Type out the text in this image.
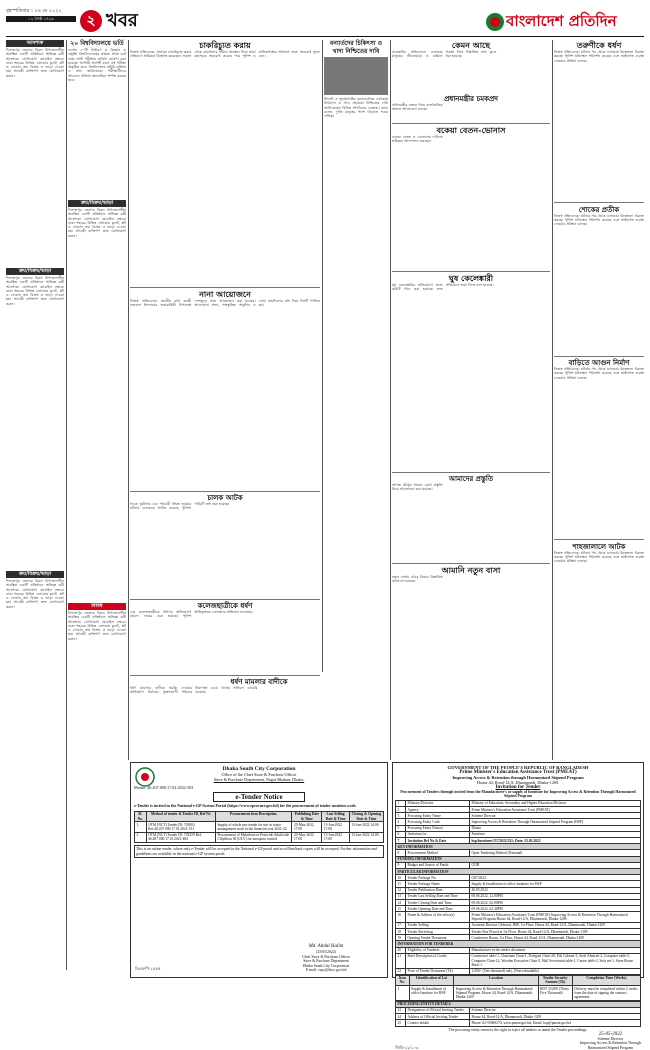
বৃহস্পতিবার । ২৬ মে ২০২২
১২ জৈষ্ঠ ১৪২৯	২ খবর	বাংলাদেশ প্রতিদিন
আবশ্যক
দিনাজপুর জেলার বিরল উপজেলাধীন অবস্থিত একটি প্রতিষ্ঠানে অভিজ্ঞ কর্মী আবশ্যক। যোগাযোগ মোবাইল নম্বরে। ঢাকা শহরের বিভিন্ন এলাকায় ফ্ল্যাট, প্লট ও দোকান ক্রয় বিক্রয় ও ভাড়া দেওয়া হয়। আগ্রহী ব্যক্তিগণ দ্রুত যোগাযোগ করুন।
ক্রয়/বিক্রয়/ভাড়া
দিনাজপুর জেলার বিরল উপজেলাধীন অবস্থিত একটি প্রতিষ্ঠানে অভিজ্ঞ কর্মী আবশ্যক। যোগাযোগ মোবাইল নম্বরে। ঢাকা শহরের বিভিন্ন এলাকায় ফ্ল্যাট, প্লট ও দোকান ক্রয় বিক্রয় ও ভাড়া দেওয়া হয়। আগ্রহী ব্যক্তিগণ দ্রুত যোগাযোগ করুন।
ক্রয়/বিক্রয়/ভাড়া
দিনাজপুর জেলার বিরল উপজেলাধীন অবস্থিত একটি প্রতিষ্ঠানে অভিজ্ঞ কর্মী আবশ্যক। যোগাযোগ মোবাইল নম্বরে। ঢাকা শহরের বিভিন্ন এলাকায় ফ্ল্যাট, প্লট ও দোকান ক্রয় বিক্রয় ও ভাড়া দেওয়া হয়। আগ্রহী ব্যক্তিগণ দ্রুত যোগাযোগ করুন।
ক্রয়/বিক্রয়/ভাড়া
দিনাজপুর জেলার বিরল উপজেলাধীন অবস্থিত একটি প্রতিষ্ঠানে অভিজ্ঞ কর্মী আবশ্যক। যোগাযোগ মোবাইল নম্বরে। ঢাকা শহরের বিভিন্ন এলাকায় ফ্ল্যাট, প্লট ও দোকান ক্রয় বিক্রয় ও ভাড়া দেওয়া হয়। আগ্রহী ব্যক্তিগণ দ্রুত যোগাযোগ করুন।
বিবিধ
দিনাজপুর জেলার বিরল উপজেলাধীন অবস্থিত একটি প্রতিষ্ঠানে অভিজ্ঞ কর্মী আবশ্যক। যোগাযোগ মোবাইল নম্বরে। ঢাকা শহরের বিভিন্ন এলাকায় ফ্ল্যাট, প্লট ও দোকান ক্রয় বিক্রয় ও ভাড়া দেওয়া হয়। আগ্রহী ব্যক্তিগণ দ্রুত যোগাযোগ করুন।
২০ বিশ্ববিদ্যালয়ে ভর্তি
দেশের ২০টি সাধারণ ও বিজ্ঞান ও প্রযুক্তি বিশ্ববিদ্যালয়ের স্নাতক প্রথম বর্ষে গুচ্ছ ভর্তি পরীক্ষার তারিখ ঘোষণা করা হয়েছে। আগামী আগস্ট মাসে এই পরীক্ষা অনুষ্ঠিত হবে। বিশ্ববিদ্যালয় মঞ্জুরি কমিশন এ তথ্য জানিয়েছে। পরীক্ষার্থীদের আবেদন প্রক্রিয়া অনলাইনে সম্পন্ন করতে হবে।
চাকরিচ্যুত করায়
নিজস্ব প্রতিবেদক, সাভার। চাকরিচ্যুত করার প্রতিবাদে শ্রমিকরা বিক্ষোভ করেছেন। সকাল থেকে কারখানার সামনে অবস্থান নিয়ে তারা মহাসড়ক অবরোধ করেন। পরে পুলিশ ও মালিকপক্ষের আশ্বাসে তারা অবরোধ তুলে নেন।
নানা আয়োজনে
নিজস্ব প্রতিবেদক। জাতীয় কবি কাজী নজরুল ইসলামের জন্মবার্ষিকী উপলক্ষে দেশজুড়ে নানা আয়োজন করা হয়েছে। আলোচনা সভা, সাংস্কৃতিক অনুষ্ঠান ও দোয়া মাহফিলের মধ্য দিয়ে দিনটি পালিত হয়।
চালক আটক
সড়ক দুর্ঘটনায় এক পথচারী নিহত হওয়ার ঘটনায় চালককে আটক করেছে পুলিশ। গাড়িটি জব্দ করা হয়েছে।
কলেজছাত্রীকে ধর্ষণ
এক কলেজছাত্রীকে ধর্ষণের অভিযোগে মামলা দায়ের করা হয়েছে। পুলিশ অভিযুক্তকে গ্রেফতারে অভিযান চালাচ্ছে।
ধর্ষণ মামলার বাদীকে
ধর্ষণ মামলার বাদীকে হুমকি দেওয়ার অভিযোগ উঠেছে। ভুক্তভোগী পরিবার নিরাপত্তা চেয়ে থানায় সাধারণ ডায়েরি করেছে।
বন্যার্তদের চিকিৎসা ও খাদ্য নিশ্চিতের দাবি
সিলেট ও সুনামগঞ্জের বন্যাকবলিত এলাকায় চিকিৎসা ও খাদ্য সহায়তা নিশ্চিতের দাবি জানিয়েছেন বিভিন্ন সংগঠনের নেতারা। তারা বলেন, দুর্গত মানুষের পাশে দাঁড়ানো সবার দায়িত্ব।
কেমন আছে
সরেজমিন প্রতিবেদন। এলাকার মানুষের জীবনযাত্রা ও বর্তমান অবস্থা নিয়ে বিস্তারিত তথ্য তুলে ধরা হয়েছে।
প্রধানমন্ত্রীর চমকপ্রদ
প্রধানমন্ত্রীর বক্তব্য নিয়ে রাজনৈতিক অঙ্গনে আলোচনা চলছে।
বকেয়া বেতন-ভোনাস
বকেয়া বেতন ও বোনাসের দাবিতে শ্রমিকরা আন্দোলন করছেন।
ঘুষ কেলেঙ্কারী
ঘুষ কেলেঙ্কারির অভিযোগে তদন্ত কমিটি গঠন করা হয়েছে। দ্রুত প্রতিবেদন জমা দিতে বলা হয়েছে।
আমাদের প্রস্তুতি
আসন্ন মৌসুম সামনে রেখে প্রস্তুতি নিয়ে আলোচনা করা হয়েছে।
আমানি নতুন বাসা
নতুন বাসায় ওঠার বিষয়ে বিস্তারিত জানানো হয়েছে।
তরুণীকে ধর্ষণ
নিজস্ব প্রতিবেদক। ঘটনার পর থেকে এলাকায় উত্তেজনা বিরাজ করছে। পুলিশ ঘটনাস্থল পরিদর্শন করেছে এবং আইনগত ব্যবস্থা নেওয়ার প্রক্রিয়া চলছে।
শোকের প্রতীক
নিজস্ব প্রতিবেদক। ঘটনার পর থেকে এলাকায় উত্তেজনা বিরাজ করছে। পুলিশ ঘটনাস্থল পরিদর্শন করেছে এবং আইনগত ব্যবস্থা নেওয়ার প্রক্রিয়া চলছে।
বাড়িতে আগুন নির্মাণ
নিজস্ব প্রতিবেদক। ঘটনার পর থেকে এলাকায় উত্তেজনা বিরাজ করছে। পুলিশ ঘটনাস্থল পরিদর্শন করেছে এবং আইনগত ব্যবস্থা নেওয়ার প্রক্রিয়া চলছে।
শাহজালালে আটক
নিজস্ব প্রতিবেদক। ঘটনার পর থেকে এলাকায় উত্তেজনা বিরাজ করছে। পুলিশ ঘটনাস্থল পরিদর্শন করেছে এবং আইনগত ব্যবস্থা নেওয়ার প্রক্রিয়া চলছে।
Dhaka South City Corporation
Office of the Chief Store & Purchase Officer
Store & Purchase Department, Nagar Bhaban, Dhaka.
Memo: 46.207.000.17.02.2022-381
e-Tender Notice
e-Tender is invited in the National e-GP System Portal (https://www.eprocure.gov.bd) for the procurement of tender mention work.
SL No.	Method of tender & Tender ID, Ref No	Procurement item Description.	Publishing Date & Time	Last Selling Date & Time	Closing & Opening Date & Time
1.	OTM (NCT) Tender ID: 701804 Ref:46.207.000.17.01.2021-191	Supply of whole raw tender for use in waste management work in the financial year 2021-22.	25-May-2022 17:00	13-Jun-2022 17:00	13-Jun-2022 14:00
2.	OTM (NCT) Tender ID: 703259 Ref: 46.207.000.17.01.2021-404	Procurement of Malathion or Pesticide Adulticide Chlythion 50 (ULV) for mosquito control.	25-May-2022 17:00	13-Jun-2022 17:00	13-Jun-2022 14:00
This is an online tender, where only e-Tender will be accepted in the National e-GP portal and no offline/hard copies will be accepted. Further information and guidelines are available in the national e-GP system portal.
Md. Abdul Halim
(25/05/2022)
Chief Store & Purchase Officer
Store & Purchase Department
Dhaka South City Corporation
E-mail: cspo@dscc.gov.bd
ডিএফপি-২৫৫৫
GOVERNMENT OF THE PEOPLE'S REPUBLIC OF BANGLADESH
Prime Minister's Education Assistance Trust (PMEAT)
Improving Access & Retention through Harmonized Stipend Program
House 44, Road-12/A, Dhanmondi, Dhaka-1209.
Invitation for Tender
Procurement of Tenders through invited from the Manufacturer's or supply of furniture for Improving Access & Retention Through Harmonized Stipend Program
1	Ministry/Division	Ministry of Education, Secondary and Higher Education Division
2	Agency	Prime Minister's Education Assistance Trust (PMEAT)
3	Procuring Entity Name	Scheme Director
4	Procuring Entity Code	Improving Access & Retention Through Harmonized Stipend Program (HSP).
5	Procuring Entity District	Dhaka
6	Invitation for	Furniture
7	Invitation Ref No & Date	hsp/furniture/157/2022/321; Date: 25.05.2022
KEY INFORMATION		
8	Procurement Method	Open Tendering Method (National)
FUNDING INFORMATION		
9	Budget and Source of Funds	GOB
PARTICULAR INFORMATION		
10	Tender Package No.	G07/2022
11	Tender Package Name	Supply & Installation of office furniture for HSP
12	Tender Publication Date	26.05.2022
13	Tender Last Selling Date and Time	08.06.2022, 12.00PM
14	Tender Closing Date and Time	09.06.2022, 02.00PM
15	Tender Opening Date and Time	09.06.2022, 02.30PM
16	Name & Address of the office(s)	Prime Minister's Education Assistance Trust (PMEAT) Improving Access & Retention Through Harmonized Stipend Program House 44, Road-12/A, Dhanmondi, Dhaka-1209.
17	Tender Selling	Assistant Director (Admin), HSP, 1st Floor, House 44, Road-12/A, Dhanmondi, Dhaka-1209
18	Tender Receiving	Tender Box Placed at 1st Floor, House 44, Road-12/A, Dhanmondi, Dhaka-1209
19	Opening Tender Document	Conference Room, 1st Floor, House 44, Road-12/A, Dhanmondi, Dhaka-1209.
INFORMATION FOR TENDERER		
20	Eligibility of Tenderer	Manufacturer in the tender document
21	Brief Description of Goods	Conference table-1, Chairman Chair-1, Delegate Chair-20, File Cabinet-3, Steel Almirah-2, Computer table-5, Computer Chair-12, Wooden Executive Chair-5, Half Secretariat table-1, Center table-2, Sofa set-1, Store Room Rack-1.
22	Price of Tender Document (Tk)	1,000/- (One thousand) only, (Non-refundable)
Item No.	Identification of Lot	Location	Tender Security Amount (Tk)	Completion Time (Weeks)
1	Supply & Installation of office furniture for HSP.	Improving Access & Retention Through Harmonized Stipend Program, House 44, Road-12/A, Dhanmondi, Dhaka-1209	BDT 35,000 (Thirty Five Thousand)	Delivery must be completed within 2 weeks from the date of signing the contract agreement.
PROCURING ENTITY DETAILS		
23	Designation of Official Inviting Tender	Scheme Director
24	Address of Official Inviting Tender	House 44, Road-12/A, Dhanmondi, Dhaka-1209
25	Contact details	Phone: 02-55069270, www.pmeat.gov.bd, Email: hsp@pmeat.gov.bd
The procuring entity reserves the right to reject all tenders or annul the Tender proceedings.
জিডি-২২/১০৩
25-05-2022
Scheme Director
Improving Access & Retention Through
Harmonized Stipend Program
